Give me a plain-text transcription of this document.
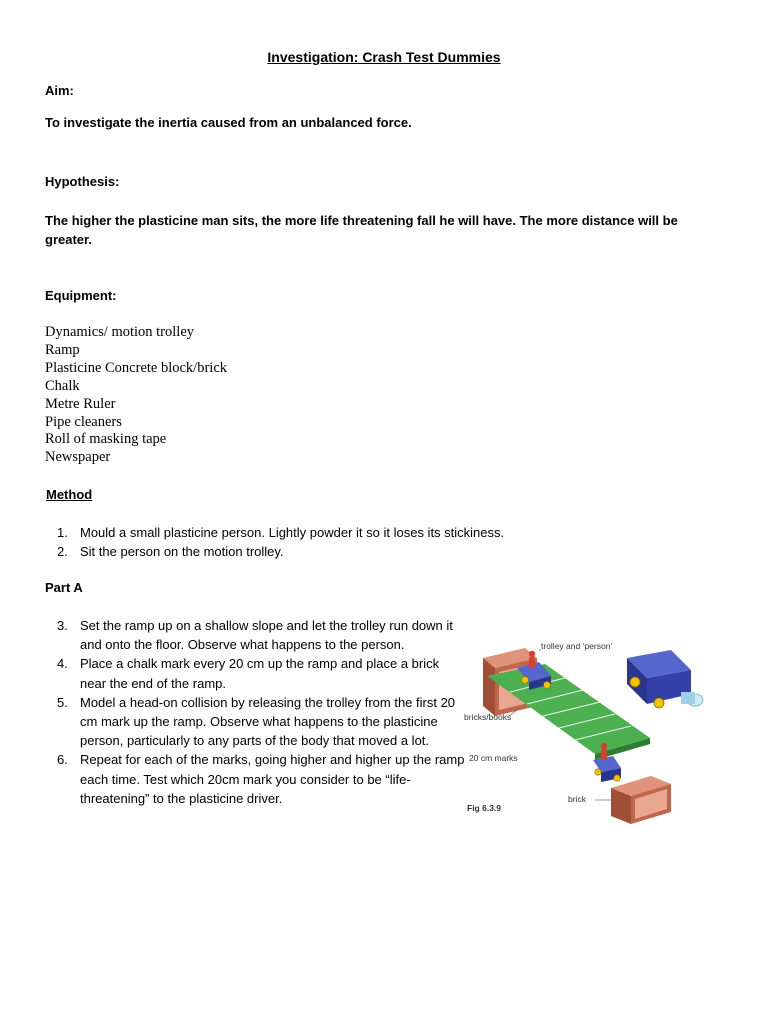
Investigation: Crash Test Dummies
Aim:
To investigate the inertia caused from an unbalanced force.
Hypothesis:
The higher the plasticine man sits, the more life threatening fall he will have. The more distance will be greater.
Equipment:
Dynamics/ motion trolley
Ramp
Plasticine Concrete block/brick
Chalk
Metre Ruler
Pipe cleaners
Roll of masking tape
Newspaper
Method
1. Mould a small plasticine person. Lightly powder it so it loses its stickiness.
2. Sit the person on the motion trolley.
Part A
3. Set the ramp up on a shallow slope and let the trolley run down it and onto the floor. Observe what happens to the person.
4. Place a chalk mark every 20 cm up the ramp and place a brick near the end of the ramp.
5. Model a head-on collision by releasing the trolley from the first 20 cm mark up the ramp. Observe what happens to the plasticine person, particularly to any parts of the body that moved a lot.
6. Repeat for each of the marks, going higher and higher up the ramp each time. Test which 20cm mark you consider to be “life-threatening” to the plasticine driver.
trolley and ‘person’
bricks/books
20 cm marks
brick
Fig 6.3.9
